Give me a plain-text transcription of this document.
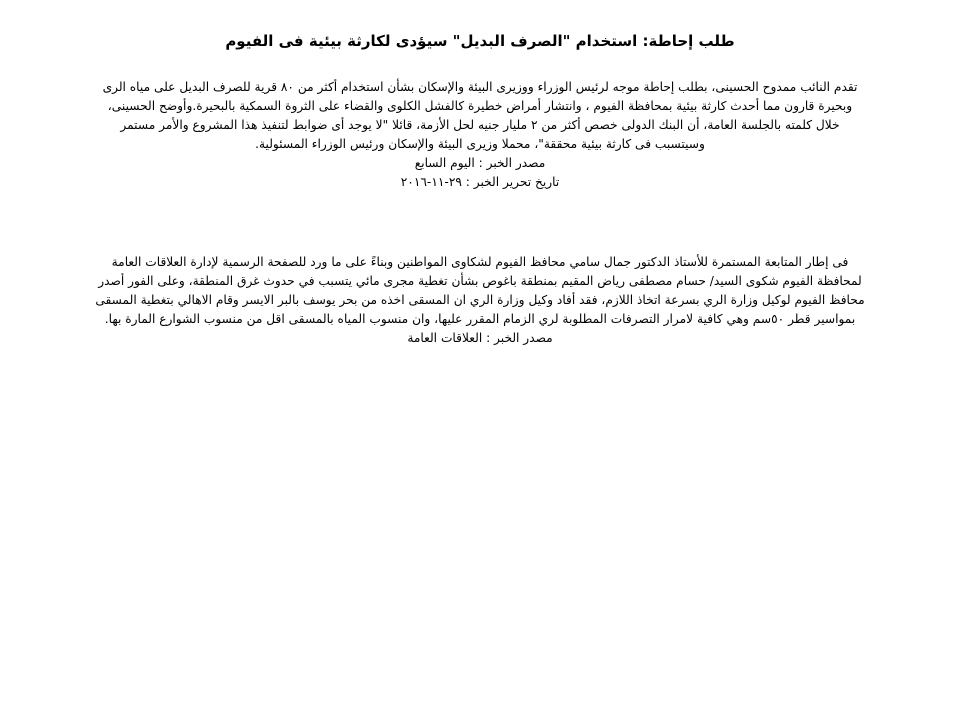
طلب إحاطة: استخدام "الصرف البديل" سيؤدى لكارثة بيئية فى الفيوم

تقدم النائب ممدوح الحسينى، بطلب إحاطة موجه لرئيس الوزراء ووزيرى البيئة والإسكان بشأن استخدام أكثر من ٨٠ قرية للصرف البديل على مياه الرى

وبحيرة قارون مما أحدث كارثة بيئية بمحافظة الفيوم ، وانتشار أمراض خطيرة كالفشل الكلوى والقضاء على الثروة السمكية بالبحيرة.وأوضح الحسينى،

خلال كلمته بالجلسة العامة، أن البنك الدولى خصص أكثر من ٢ مليار جنيه لحل الأزمة، قائلا "لا يوجد أى ضوابط لتنفيذ هذا المشروع والأمر مستمر

وسيتسبب فى كارثة بيئية محققة"، محملا وزيرى البيئة والإسكان ورئيس الوزراء المسئولية.

مصدر الخبر : اليوم السابع

تاريخ تحرير الخبر : ٢٩-١١-٢٠١٦

فى إطار المتابعة المستمرة للأستاذ الدكتور جمال سامي محافظ الفيوم لشكاوى المواطنين وبناءً على ما ورد للصفحة الرسمية لإدارة العلاقات العامة

لمحافظة الفيوم شكوى السيد/ حسام مصطفى رياض المقيم بمنطقة باغوص بشأن تغطية مجرى مائي يتسبب في حدوث غرق المنطقة، وعلى الفور أصدر

محافظ الفيوم لوكيل وزارة الري بسرعة اتخاذ اللازم، فقد أفاد وكيل وزارة الري ان المسقى اخذه من بحر يوسف بالبر الايسر وقام الاهالي بتغطية المسقى

بمواسير قطر ٥٠سم وهي كافية لامرار التصرفات المطلوبة لري الزمام المقرر عليها، وان منسوب المياه بالمسقى اقل من منسوب الشوارع المارة بها.

مصدر الخبر : العلاقات العامة
